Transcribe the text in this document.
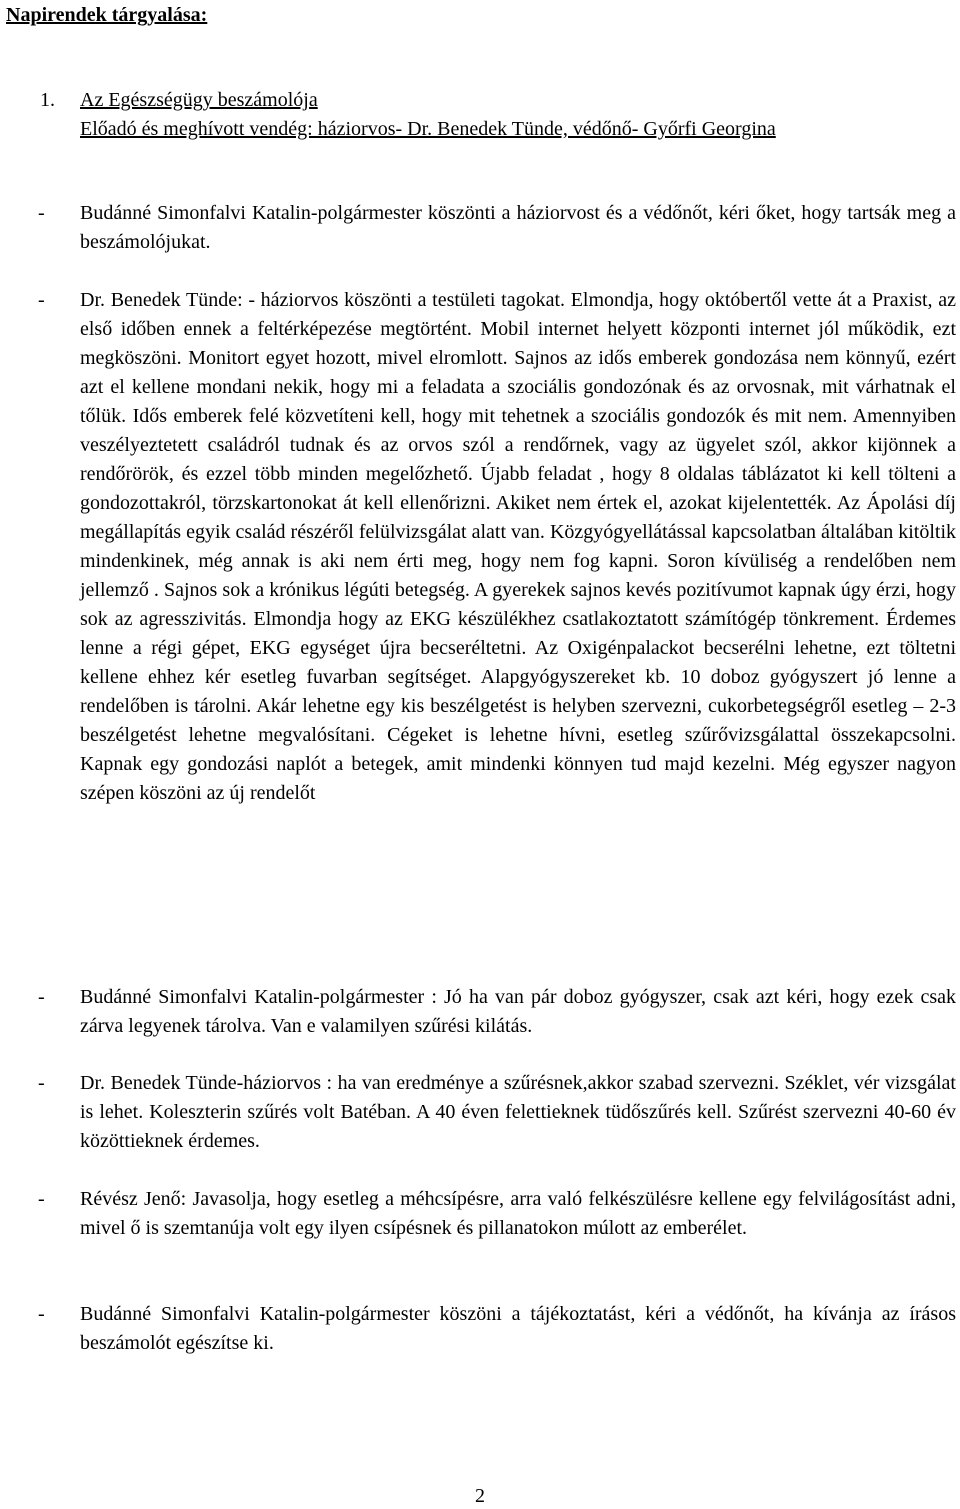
Napirendek tárgyalása:
1. Az Egészségügy beszámolója
Előadó és meghívott vendég: háziorvos- Dr. Benedek Tünde, védőnő- Győrfi Georgina
- Budánné Simonfalvi Katalin-polgármester köszönti a háziorvost és a védőnőt, kéri őket, hogy tartsák meg a beszámolójukat.
- Dr. Benedek Tünde: - háziorvos köszönti a testületi tagokat. Elmondja, hogy októbertől vette át a Praxist, az első időben ennek a feltérképezése megtörtént. Mobil internet helyett központi internet jól működik, ezt megköszöni. Monitort egyet hozott, mivel elromlott. Sajnos az idős emberek gondozása nem könnyű, ezért azt el kellene mondani nekik, hogy mi a feladata a szociális gondozónak és az orvosnak, mit várhatnak el tőlük. Idős emberek felé közvetíteni kell, hogy mit tehetnek a szociális gondozók és mit nem. Amennyiben veszélyeztetett családról tudnak és az orvos szól a rendőrnek, vagy az ügyelet szól, akkor kijönnek a rendőrörök, és ezzel több minden megelőzhető. Újabb feladat , hogy 8 oldalas táblázatot ki kell tölteni a gondozottakról, törzskartonokat át kell ellenőrizni. Akiket nem értek el, azokat kijelentették. Az Ápolási díj megállapítás egyik család részéről felülvizsgálat alatt van. Közgyógyellátással kapcsolatban általában kitöltik mindenkinek, még annak is aki nem érti meg, hogy nem fog kapni. Soron kívüliség a rendelőben nem jellemző . Sajnos sok a krónikus légúti betegség. A gyerekek sajnos kevés pozitívumot kapnak úgy érzi, hogy sok az agresszivitás. Elmondja hogy az EKG készülékhez csatlakoztatott számítógép tönkrement. Érdemes lenne a régi gépet, EKG egységet újra becseréltetni. Az Oxigénpalackot becserélni lehetne, ezt töltetni kellene ehhez kér esetleg fuvarban segítséget. Alapgyógyszereket kb. 10 doboz gyógyszert jó lenne a rendelőben is tárolni. Akár lehetne egy kis beszélgetést is helyben szervezni, cukorbetegségről esetleg – 2-3 beszélgetést lehetne megvalósítani. Cégeket is lehetne hívni, esetleg szűrővizsgálattal összekapcsolni. Kapnak egy gondozási naplót a betegek, amit mindenki könnyen tud majd kezelni. Még egyszer nagyon szépen köszöni az új rendelőt
- Budánné Simonfalvi Katalin-polgármester : Jó ha van pár doboz gyógyszer, csak azt kéri, hogy ezek csak zárva legyenek tárolva. Van e valamilyen szűrési kilátás.
- Dr. Benedek Tünde-háziorvos : ha van eredménye a szűrésnek,akkor szabad szervezni. Széklet, vér vizsgálat is lehet. Koleszterin szűrés volt Batéban. A 40 éven felettieknek tüdőszűrés kell. Szűrést szervezni 40-60 év közöttieknek érdemes.
- Révész Jenő: Javasolja, hogy esetleg a méhcsípésre, arra való felkészülésre kellene egy felvilágosítást adni, mivel ő is szemtanúja volt egy ilyen csípésnek és pillanatokon múlott az emberélet.
- Budánné Simonfalvi Katalin-polgármester köszöni a tájékoztatást, kéri a védőnőt, ha kívánja az írásos beszámolót egészítse ki.
2
